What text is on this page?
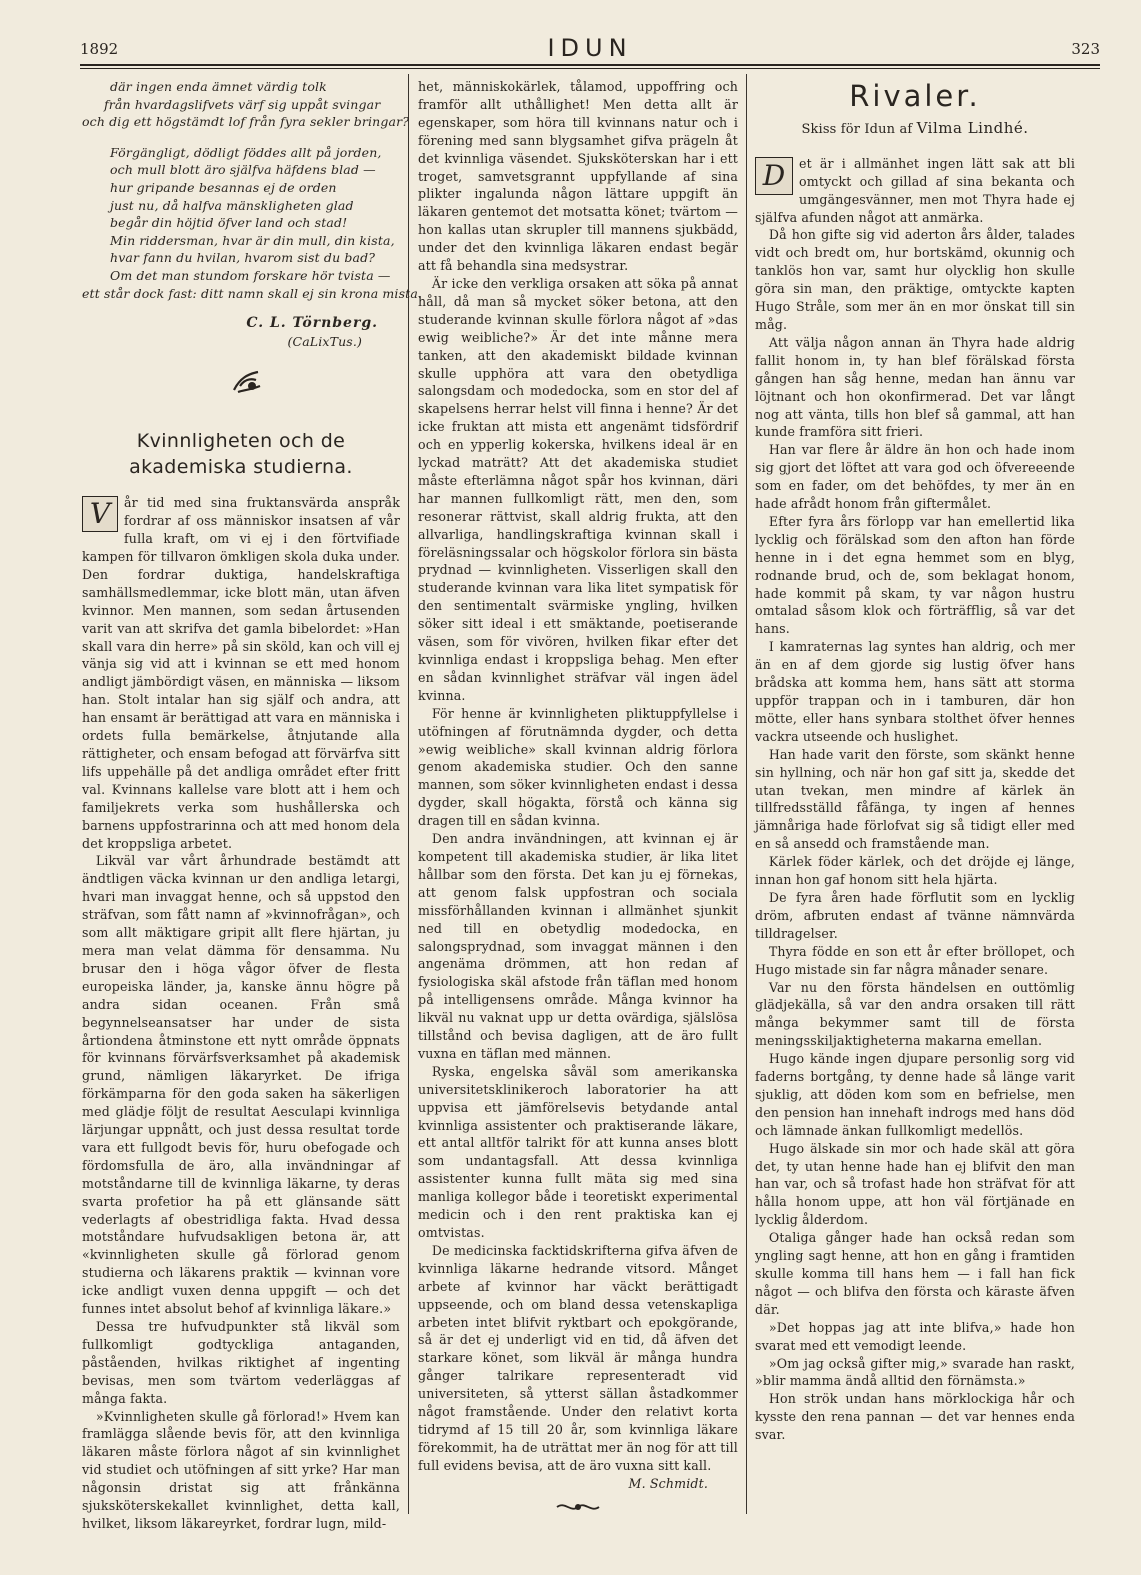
1892	IDUN	323
där ingen enda ämnet värdig tolk
från hvardagslifvets värf sig uppåt svingar
och dig ett högstämdt lof från fyra sekler bringar?
Förgängligt, dödligt föddes allt på jorden,
och mull blott äro själfva häfdens blad —
hur gripande besannas ej de orden
just nu, då halfva mänskligheten glad
begår din höjtid öfver land och stad!
Min riddersman, hvar är din mull, din kista,
hvar fann du hvilan, hvarom sist du bad?
Om det man stundom forskare hör tvista —
ett står dock fast: ditt namn skall ej sin krona mista.
C. L. Törnberg.
(CaLixTus.)
Kvinnligheten och de akademiska studierna.

V	år tid med sina fruktansvärda anspråk fordrar af oss människor insatsen af vår fulla kraft, om vi ej i den förtvifiade kampen för tillvaron ömkligen skola duka under. Den fordrar duktiga, handelskraftiga samhällsmedlemmar, icke blott män, utan äfven kvinnor. Men mannen, som sedan årtusenden varit van att skrifva det gamla bibelordet: »Han skall vara din herre» på sin sköld, kan och vill ej vänja sig vid att i kvinnan se ett med honom andligt jämbördigt väsen, en människa — liksom han. Stolt intalar han sig själf och andra, att han ensamt är berättigad att vara en människa i ordets fulla bemärkelse, åtnjutande alla rättigheter, och ensam befogad att förvärfva sitt lifs uppehälle på det andliga området efter fritt val. Kvinnans kallelse vare blott att i hem och familjekrets verka som hushållerska och barnens uppfostrarinna och att med honom dela det kroppsliga arbetet.

Likväl var vårt århundrade bestämdt att ändtligen väcka kvinnan ur den andliga letargi, hvari man invaggat henne, och så uppstod den sträfvan, som fått namn af »kvinnofrågan», och som allt mäktigare gripit allt flere hjärtan, ju mera man velat dämma för densamma. Nu brusar den i höga vågor öfver de flesta europeiska länder, ja, kanske ännu högre på andra sidan oceanen. Från små begynnelseansatser har under de sista årtiondena åtminstone ett nytt område öppnats för kvinnans förvärfsverksamhet på akademisk grund, nämligen läkaryrket. De ifriga förkämparna för den goda saken ha säkerligen med glädje följt de resultat Aesculapi kvinnliga lärjungar uppnått, och just dessa resultat torde vara ett fullgodt bevis för, huru obefogade och fördomsfulla de äro, alla invändningar af motståndarne till de kvinnliga läkarne, ty deras svarta profetior ha på ett glänsande sätt vederlagts af obestridliga fakta. Hvad dessa motståndare hufvudsakligen betona är, att «kvinnligheten skulle gå förlorad genom studierna och läkarens praktik — kvinnan vore icke andligt vuxen denna uppgift — och det funnes intet absolut behof af kvinnliga läkare.»

Dessa tre hufvudpunkter stå likväl som fullkomligt godtyckliga antaganden, påståenden, hvilkas riktighet af ingenting bevisas, men som tvärtom vederläggas af många fakta.

»Kvinnligheten skulle gå förlorad!» Hvem kan framlägga slående bevis för, att den kvinnliga läkaren måste förlora något af sin kvinnlighet vid studiet och utöfningen af sitt yrke? Har man någonsin dristat sig att frånkänna sjuksköterskekallet kvinnlighet, detta kall, hvilket, liksom läkareyrket, fordrar lugn, mild-

het, människokärlek, tålamod, uppoffring och framför allt uthållighet! Men detta allt är egenskaper, som höra till kvinnans natur och i förening med sann blygsamhet gifva prägeln åt det kvinnliga väsendet. Sjuksköterskan har i ett troget, samvetsgrannt uppfyllande af sina plikter ingalunda någon lättare uppgift än läkaren gentemot det motsatta könet; tvärtom — hon kallas utan skrupler till mannens sjukbädd, under det den kvinnliga läkaren endast begär att få behandla sina medsystrar.

Är icke den verkliga orsaken att söka på annat håll, då man så mycket söker betona, att den studerande kvinnan skulle förlora något af »das ewig weibliche?» Är det inte månne mera tanken, att den akademiskt bildade kvinnan skulle upphöra att vara den obetydliga salongsdam och modedocka, som en stor del af skapelsens herrar helst vill finna i henne? Är det icke fruktan att mista ett angenämt tidsfördrif och en ypperlig kokerska, hvilkens ideal är en lyckad maträtt? Att det akademiska studiet måste efterlämna något spår hos kvinnan, däri har mannen fullkomligt rätt, men den, som resonerar rättvist, skall aldrig frukta, att den allvarliga, handlingskraftiga kvinnan skall i föreläsningssalar och högskolor förlora sin bästa prydnad — kvinnligheten. Visserligen skall den studerande kvinnan vara lika litet sympatisk för den sentimentalt svärmiske yngling, hvilken söker sitt ideal i ett smäktande, poetiserande väsen, som för vivören, hvilken fikar efter det kvinnliga endast i kroppsliga behag. Men efter en sådan kvinnlighet sträfvar väl ingen ädel kvinna.

För henne är kvinnligheten pliktuppfyllelse i utöfningen af förutnämnda dygder, och detta »ewig weibliche» skall kvinnan aldrig förlora genom akademiska studier. Och den sanne mannen, som söker kvinnligheten endast i dessa dygder, skall högakta, förstå och känna sig dragen till en sådan kvinna.

Den andra invändningen, att kvinnan ej är kompetent till akademiska studier, är lika litet hållbar som den första. Det kan ju ej förnekas, att genom falsk uppfostran och sociala missförhållanden kvinnan i allmänhet sjunkit ned till en obetydlig modedocka, en salongsprydnad, som invaggat männen i den angenäma drömmen, att hon redan af fysiologiska skäl afstode från täflan med honom på intelligensens område. Många kvinnor ha likväl nu vaknat upp ur detta ovärdiga, själslösa tillstånd och bevisa dagligen, att de äro fullt vuxna en täflan med männen.

Ryska, engelska såväl som amerikanska universitetsklinikeroch laboratorier ha att uppvisa ett jämförelsevis betydande antal kvinnliga assistenter och praktiserande läkare, ett antal alltför talrikt för att kunna anses blott som undantagsfall. Att dessa kvinnliga assistenter kunna fullt mäta sig med sina manliga kollegor både i teoretiskt experimental medicin och i den rent praktiska kan ej omtvistas.

De medicinska facktidskrifterna gifva äfven de kvinnliga läkarne hedrande vitsord. Månget arbete af kvinnor har väckt berättigadt uppseende, och om bland dessa vetenskapliga arbeten intet blifvit ryktbart och epokgörande, så är det ej underligt vid en tid, då äfven det starkare könet, som likväl är många hundra gånger talrikare representeradt vid universiteten, så ytterst sällan åstadkommer något framstående. Under den relativt korta tidrymd af 15 till 20 år, som kvinnliga läkare förekommit, ha de uträttat mer än nog för att till full evidens bevisa, att de äro vuxna sitt kall.

M. Schmidt.
Rivaler.
Skiss för Idun af Vilma Lindhé.

D	et är i allmänhet ingen lätt sak att bli omtyckt och gillad af sina bekanta och umgängesvänner, men mot Thyra hade ej själfva afunden något att anmärka.

Då hon gifte sig vid aderton års ålder, talades vidt och bredt om, hur bortskämd, okunnig och tanklös hon var, samt hur olycklig hon skulle göra sin man, den präktige, omtyckte kapten Hugo Stråle, som mer än en mor önskat till sin måg.

Att välja någon annan än Thyra hade aldrig fallit honom in, ty han blef förälskad första gången han såg henne, medan han ännu var löjtnant och hon okonfirmerad. Det var långt nog att vänta, tills hon blef så gammal, att han kunde framföra sitt frieri.

Han var flere år äldre än hon och hade inom sig gjort det löftet att vara god och öfvereeende som en fader, om det behöfdes, ty mer än en hade afrådt honom från giftermålet.

Efter fyra års förlopp var han emellertid lika lycklig och förälskad som den afton han förde henne in i det egna hemmet som en blyg, rodnande brud, och de, som beklagat honom, hade kommit på skam, ty var någon hustru omtalad såsom klok och förträfflig, så var det hans.

I kamraternas lag syntes han aldrig, och mer än en af dem gjorde sig lustig öfver hans brådska att komma hem, hans sätt att storma uppför trappan och in i tamburen, där hon mötte, eller hans synbara stolthet öfver hennes vackra utseende och huslighet.

Han hade varit den förste, som skänkt henne sin hyllning, och när hon gaf sitt ja, skedde det utan tvekan, men mindre af kärlek än tillfredsställd fåfänga, ty ingen af hennes jämnåriga hade förlofvat sig så tidigt eller med en så ansedd och framstående man.

Kärlek föder kärlek, och det dröjde ej länge, innan hon gaf honom sitt hela hjärta.

De fyra åren hade förflutit som en lycklig dröm, afbruten endast af tvänne nämnvärda tilldragelser.

Thyra födde en son ett år efter bröllopet, och Hugo mistade sin far några månader senare.

Var nu den första händelsen en outtömlig glädjekälla, så var den andra orsaken till rätt många bekymmer samt till de första meningsskiljaktigheterna makarna emellan.

Hugo kände ingen djupare personlig sorg vid faderns bortgång, ty denne hade så länge varit sjuklig, att döden kom som en befrielse, men den pension han innehaft indrogs med hans död och lämnade änkan fullkomligt medellös.

Hugo älskade sin mor och hade skäl att göra det, ty utan henne hade han ej blifvit den man han var, och så trofast hade hon sträfvat för att hålla honom uppe, att hon väl förtjänade en lycklig ålderdom.

Otaliga gånger hade han också redan som yngling sagt henne, att hon en gång i framtiden skulle komma till hans hem — i fall han fick något — och blifva den första och käraste äfven där.

»Det hoppas jag att inte blifva,» hade hon svarat med ett vemodigt leende.

»Om jag också gifter mig,» svarade han raskt, »blir mamma ändå alltid den förnämsta.»

Hon strök undan hans mörklockiga hår och kysste den rena pannan — det var hennes enda svar.
